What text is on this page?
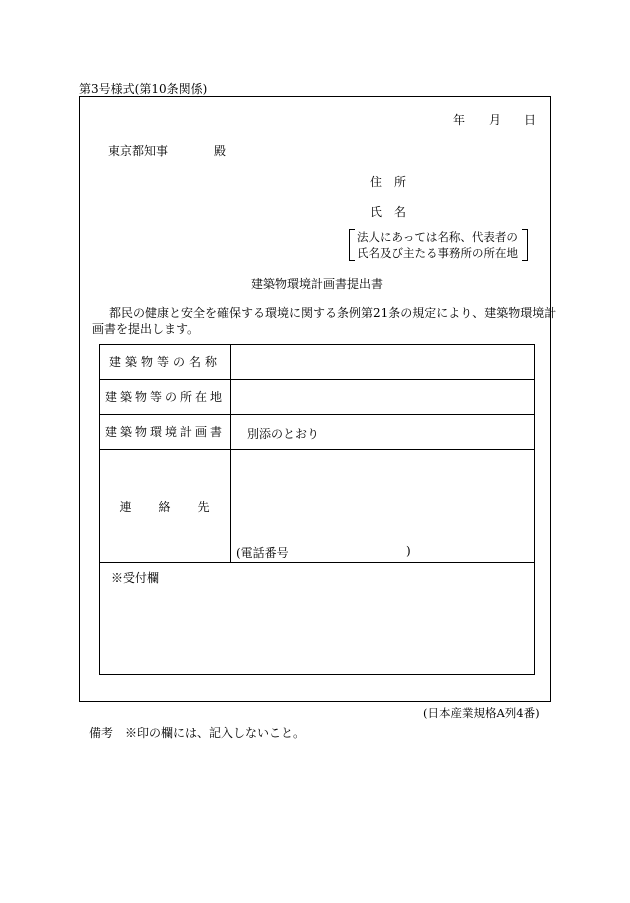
第3号様式(第10条関係)
年 月 日
東京都知事	殿
住　所
氏　名
法人にあっては名称、代表者の
氏名及び主たる事務所の所在地
建築物環境計画書提出書
都民の健康と安全を確保する環境に関する条例第21条の規定により、建築物環境計
画書を提出します。
建築物等の名称
建築物等の所在地
建築物環境計画書	別添のとおり
連　　絡　　先
(電話番号	)
※受付欄
(日本産業規格A列4番)
備考　※印の欄には、記入しないこと。
